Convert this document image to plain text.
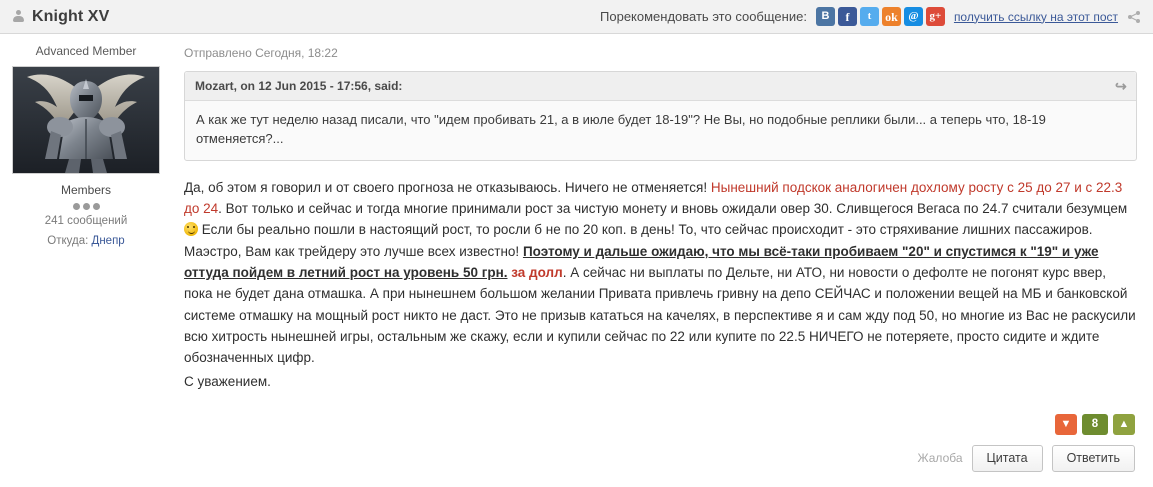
Knight XV	Порекомендовать это сообщение:	В	f	t	ok @	g+	получить ссылку на этот пост
Advanced Member
Members
241 сообщений
Откуда: Днепр
Отправлено Сегодня, 18:22
Mozart, on 12 Jun 2015 - 17:56, said:	↩
А как же тут неделю назад писали, что "идем пробивать 21, а в июле будет 18-19"? Не Вы, но подобные реплики были... а теперь что, 18-19 отменяется?...
Да, об этом я говорил и от своего прогноза не отказываюсь. Ничего не отменяется! Нынешний подскок аналогичен дохлому росту с 25 до 27 и с 22.3 до 24. Вот только и сейчас и тогда многие принимали рост за чистую монету и вновь ожидали овер 30. Сливщегося Вегаса по 24.7 считали безумцем  Если бы реально пошли в настоящий рост, то росли б не по 20 коп. в день! То, что сейчас происходит - это стряхивание лишних пассажиров. Маэстро, Вам как трейдеру это лучше всех известно! Поэтому и дальше ожидаю, что мы всё-таки пробиваем "20" и спустимся к "19" и уже оттуда пойдем в летний рост на уровень 50 грн. за долл. А сейчас ни выплаты по Дельте, ни АТО, ни новости о дефолте не погонят курс ввер, пока не будет дана отмашка. А при нынешнем большом желании Привата привлечь гривну на депо СЕЙЧАС и положении вещей на МБ и банковской системе отмашку на мощный рост никто не даст. Это не призыв кататься на качелях, в перспективе я и сам жду под 50, но многие из Вас не раскусили всю хитрость нынешней игры, остальным же скажу, если и купили сейчас по 22 или купите по 22.5 НИЧЕГО не потеряете, просто сидите и ждите обозначенных цифр.
С уважением.
▼	8	▲
Жалоба	Цитата	Ответить
